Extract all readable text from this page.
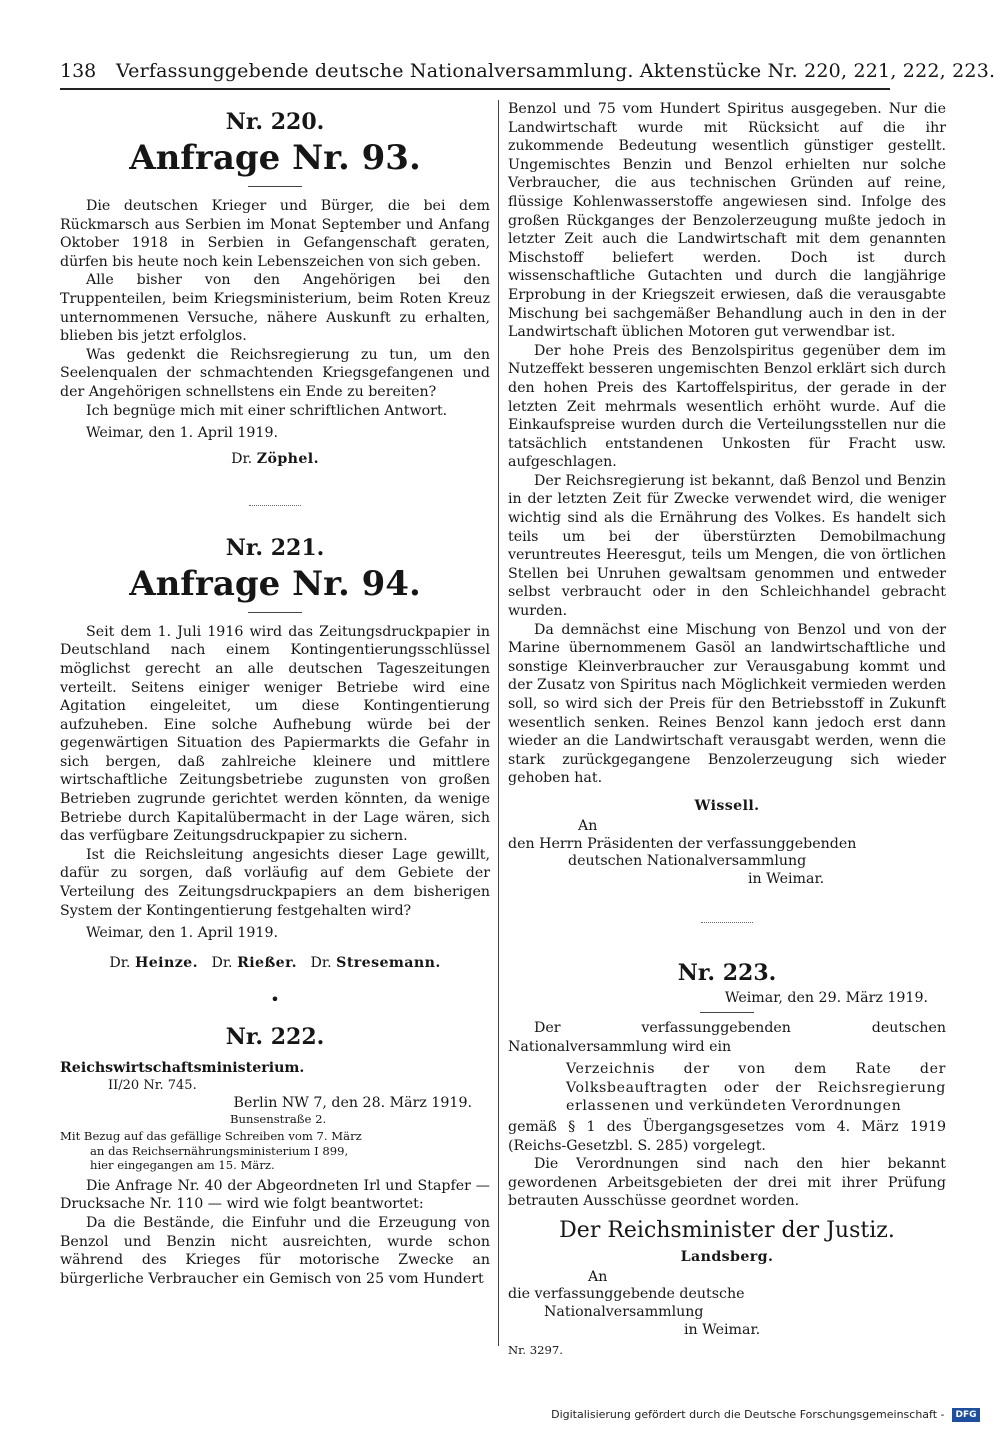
138 Verfassunggebende deutsche Nationalversammlung. Aktenstücke Nr. 220, 221, 222, 223.

Nr. 220.

Anfrage Nr. 93.

Die deutschen Krieger und Bürger, die bei dem Rückmarsch aus Serbien im Monat September und Anfang Oktober 1918 in Serbien in Gefangenschaft geraten, dürfen bis heute noch kein Lebenszeichen von sich geben.

Alle bisher von den Angehörigen bei den Truppenteilen, beim Kriegsministerium, beim Roten Kreuz unternommenen Versuche, nähere Auskunft zu erhalten, blieben bis jetzt erfolglos.

Was gedenkt die Reichsregierung zu tun, um den Seelenqualen der schmachtenden Kriegsgefangenen und der Angehörigen schnellstens ein Ende zu bereiten?

Ich begnüge mich mit einer schriftlichen Antwort.

Weimar, den 1. April 1919.

Dr. Zöphel.

Nr. 221.

Anfrage Nr. 94.

Seit dem 1. Juli 1916 wird das Zeitungsdruckpapier in Deutschland nach einem Kontingentierungsschlüssel möglichst gerecht an alle deutschen Tageszeitungen verteilt. Seitens einiger weniger Betriebe wird eine Agitation eingeleitet, um diese Kontingentierung aufzuheben. Eine solche Aufhebung würde bei der gegenwärtigen Situation des Papiermarkts die Gefahr in sich bergen, daß zahlreiche kleinere und mittlere wirtschaftliche Zeitungsbetriebe zugunsten von großen Betrieben zugrunde gerichtet werden könnten, da wenige Betriebe durch Kapitalübermacht in der Lage wären, sich das verfügbare Zeitungsdruckpapier zu sichern.

Ist die Reichsleitung angesichts dieser Lage gewillt, dafür zu sorgen, daß vorläufig auf dem Gebiete der Verteilung des Zeitungsdruckpapiers an dem bisherigen System der Kontingentierung festgehalten wird?

Weimar, den 1. April 1919.

Dr. Heinze. Dr. Rießer. Dr. Stresemann.

•

Nr. 222.

Reichswirtschaftsministerium.

II/20 Nr. 745.

Berlin NW 7, den 28. März 1919.

Bunsenstraße 2.

Mit Bezug auf das gefällige Schreiben vom 7. März

an das Reichsernährungsministerium I 899,

hier eingegangen am 15. März.

Die Anfrage Nr. 40 der Abgeordneten Irl und Stapfer — Drucksache Nr. 110 — wird wie folgt beantwortet:

Da die Bestände, die Einfuhr und die Erzeugung von Benzol und Benzin nicht ausreichten, wurde schon während des Krieges für motorische Zwecke an bürgerliche Verbraucher ein Gemisch von 25 vom Hundert

Benzol und 75 vom Hundert Spiritus ausgegeben. Nur die Landwirtschaft wurde mit Rücksicht auf die ihr zukommende Bedeutung wesentlich günstiger gestellt. Ungemischtes Benzin und Benzol erhielten nur solche Verbraucher, die aus technischen Gründen auf reine, flüssige Kohlenwasserstoffe angewiesen sind. Infolge des großen Rückganges der Benzolerzeugung mußte jedoch in letzter Zeit auch die Landwirtschaft mit dem genannten Mischstoff beliefert werden. Doch ist durch wissenschaftliche Gutachten und durch die langjährige Erprobung in der Kriegszeit erwiesen, daß die verausgabte Mischung bei sachgemäßer Behandlung auch in den in der Landwirtschaft üblichen Motoren gut verwendbar ist.

Der hohe Preis des Benzolspiritus gegenüber dem im Nutzeffekt besseren ungemischten Benzol erklärt sich durch den hohen Preis des Kartoffelspiritus, der gerade in der letzten Zeit mehrmals wesentlich erhöht wurde. Auf die Einkaufspreise wurden durch die Verteilungsstellen nur die tatsächlich entstandenen Unkosten für Fracht usw. aufgeschlagen.

Der Reichsregierung ist bekannt, daß Benzol und Benzin in der letzten Zeit für Zwecke verwendet wird, die weniger wichtig sind als die Ernährung des Volkes. Es handelt sich teils um bei der überstürzten Demobilmachung veruntreutes Heeresgut, teils um Mengen, die von örtlichen Stellen bei Unruhen gewaltsam genommen und entweder selbst verbraucht oder in den Schleichhandel gebracht wurden.

Da demnächst eine Mischung von Benzol und von der Marine übernommenem Gasöl an landwirtschaftliche und sonstige Kleinverbraucher zur Verausgabung kommt und der Zusatz von Spiritus nach Möglichkeit vermieden werden soll, so wird sich der Preis für den Betriebsstoff in Zukunft wesentlich senken. Reines Benzol kann jedoch erst dann wieder an die Landwirtschaft verausgabt werden, wenn die stark zurückgegangene Benzolerzeugung sich wieder gehoben hat.

Wissell.

An

den Herrn Präsidenten der verfassunggebenden

deutschen Nationalversammlung

in Weimar.

Nr. 223.

Weimar, den 29. März 1919.

Der verfassunggebenden deutschen Nationalversammlung wird ein

Verzeichnis der von dem Rate der Volksbeauftragten oder der Reichsregierung erlassenen und verkündeten Verordnungen

gemäß § 1 des Übergangsgesetzes vom 4. März 1919 (Reichs-Gesetzbl. S. 285) vorgelegt.

Die Verordnungen sind nach den hier bekannt gewordenen Arbeitsgebieten der drei mit ihrer Prüfung betrauten Ausschüsse geordnet worden.

Der Reichsminister der Justiz.

Landsberg.

An

die verfassunggebende deutsche

Nationalversammlung

in Weimar.

Nr. 3297.

Digitalisierung gefördert durch die Deutsche Forschungsgemeinschaft - DFG
